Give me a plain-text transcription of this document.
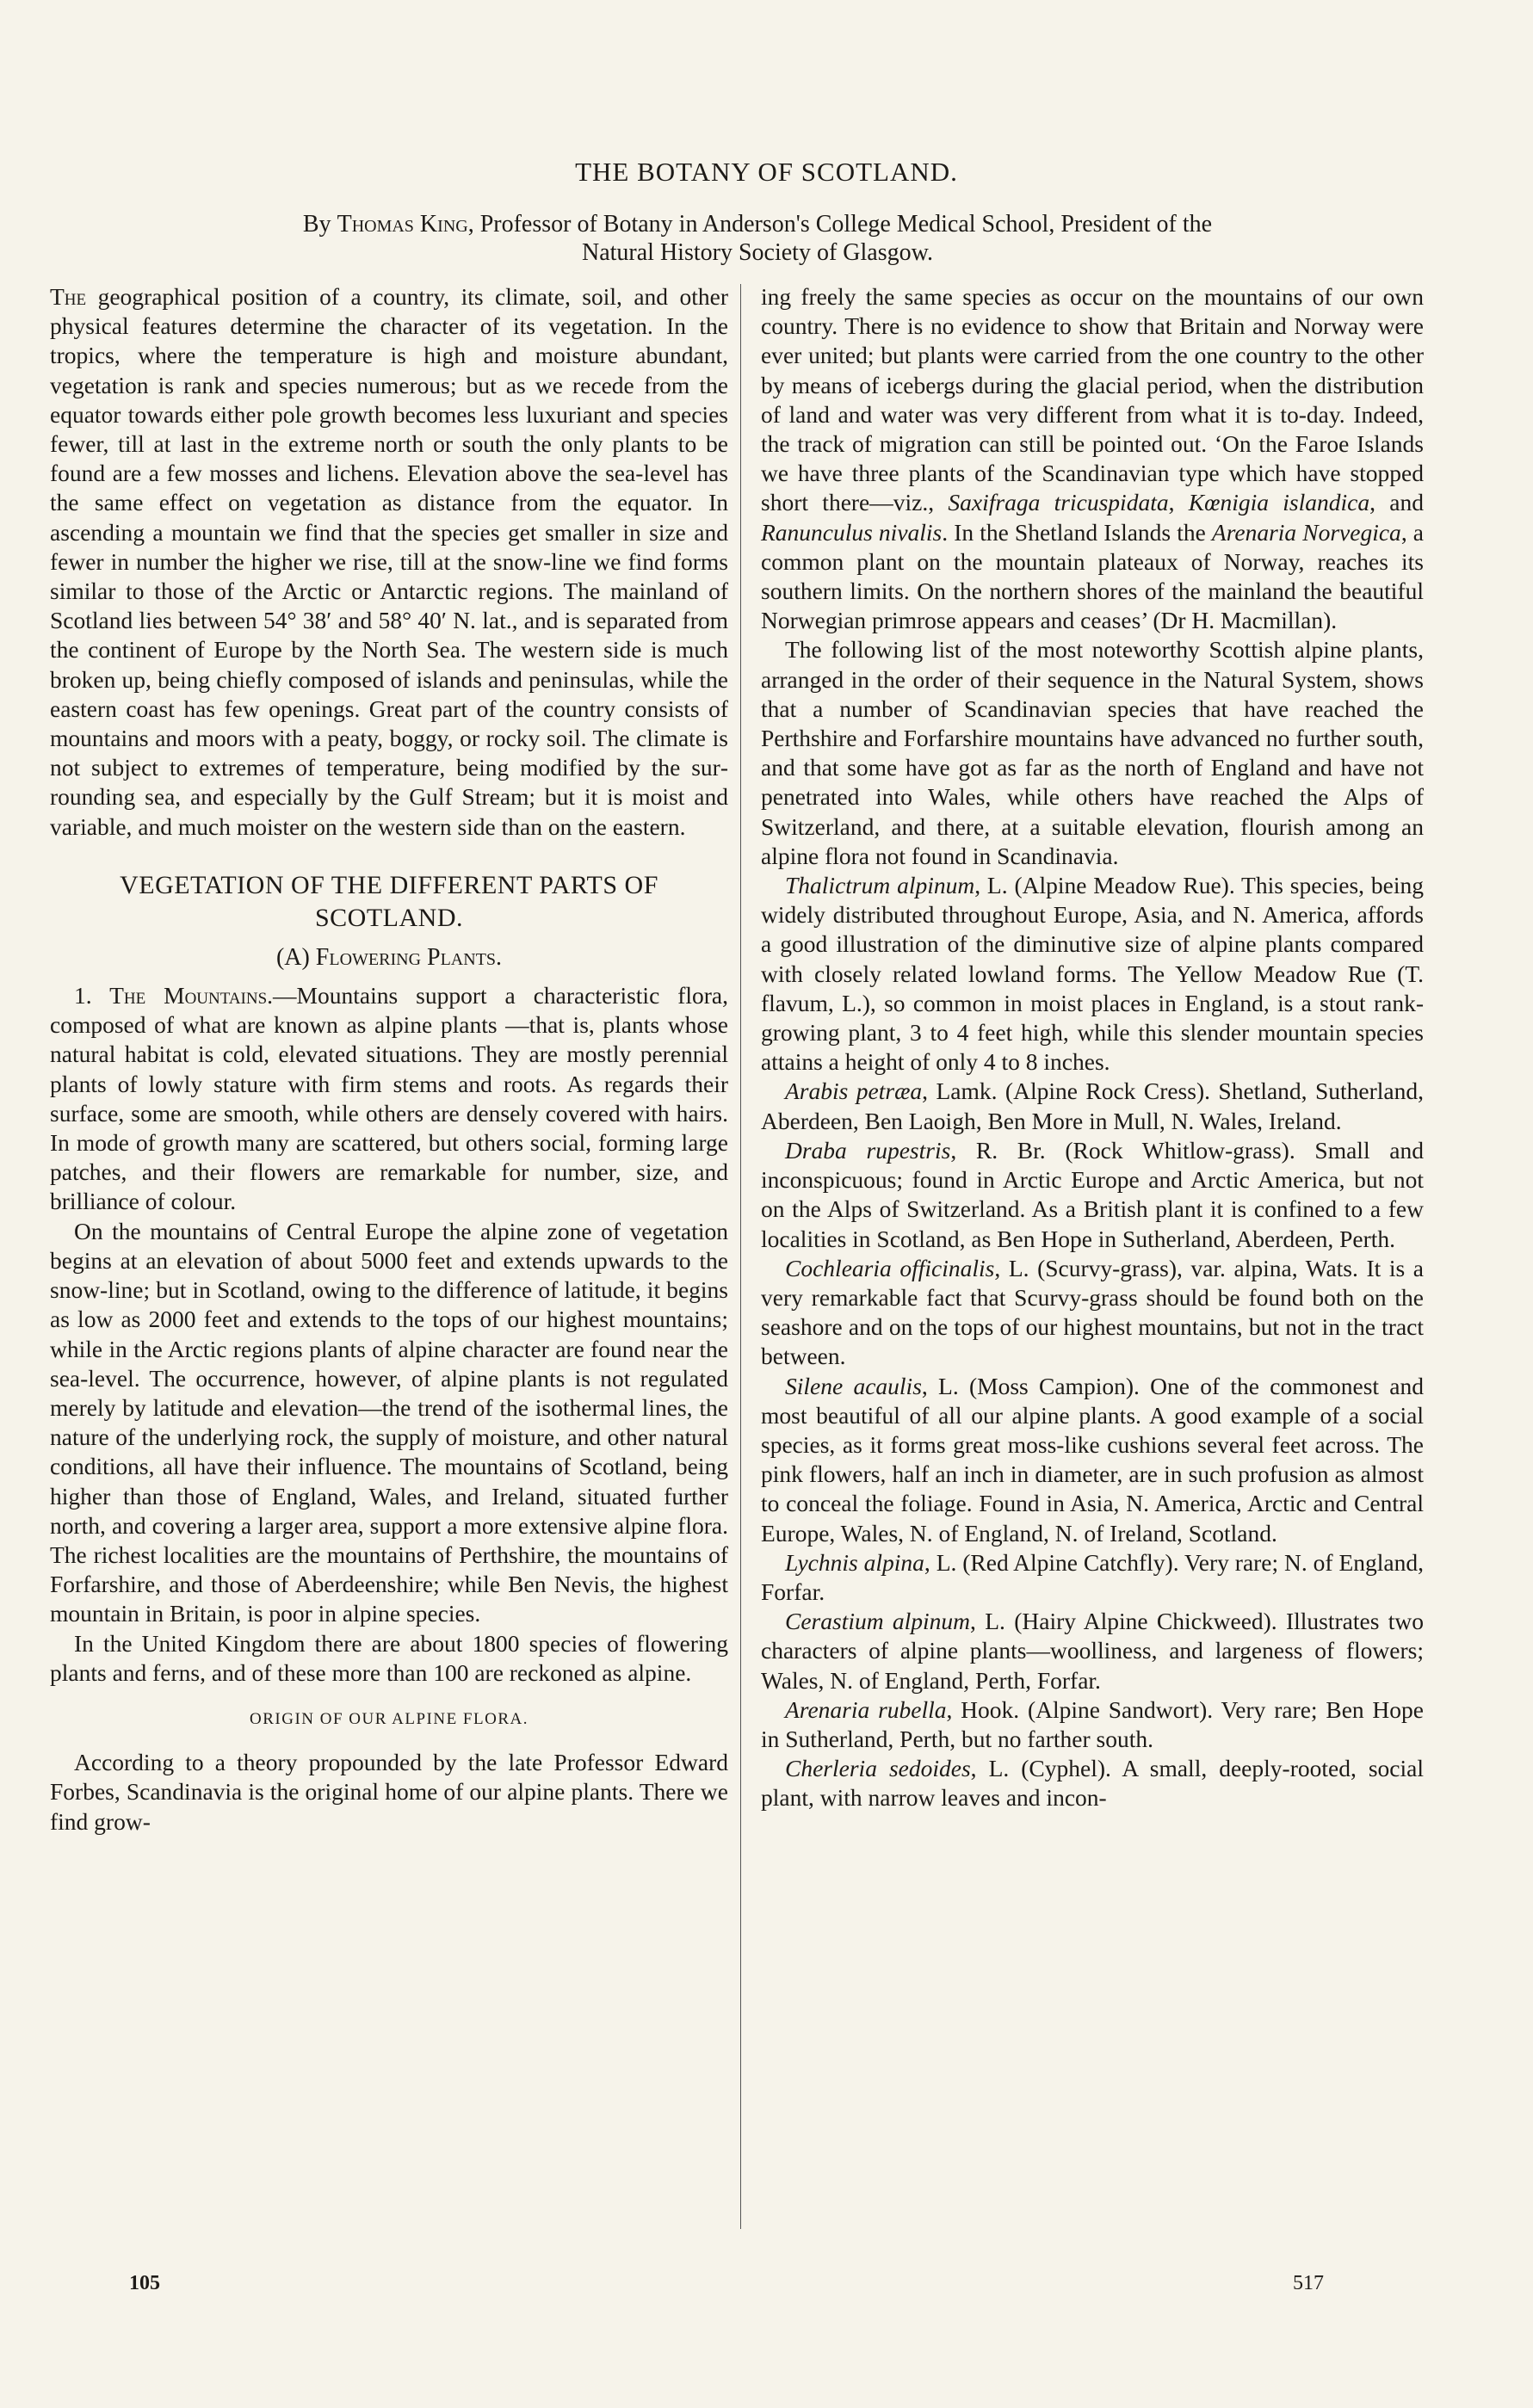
THE BOTANY OF SCOTLAND.
By Thomas King, Professor of Botany in Anderson's College Medical School, President of the
Natural History Society of Glasgow.

The geographical position of a country, its climate, soil, and other physical features determine the character of its vegetation. In the tropics, where the temperature is high and moisture abundant, vegetation is rank and species numerous; but as we recede from the equator towards either pole growth becomes less luxuriant and species fewer, till at last in the extreme north or south the only plants to be found are a few mosses and lichens. Elevation above the sea-level has the same effect on vegetation as distance from the equator. In ascending a mountain we find that the species get smaller in size and fewer in number the higher we rise, till at the snow-line we find forms similar to those of the Arctic or Antarctic regions. The mainland of Scotland lies between 54° 38′ and 58° 40′ N. lat., and is separated from the continent of Europe by the North Sea. The western side is much broken up, being chiefly composed of islands and peninsulas, while the eastern coast has few openings. Great part of the country consists of mountains and moors with a peaty, boggy, or rocky soil. The climate is not subject to extremes of temperature, being modified by the surrounding sea, and especially by the Gulf Stream; but it is moist and variable, and much moister on the western side than on the eastern.

VEGETATION OF THE DIFFERENT PARTS OF SCOTLAND.
(A) Flowering Plants.

1. The Mountains.—Mountains support a characteristic flora, composed of what are known as alpine plants —that is, plants whose natural habitat is cold, elevated situations. They are mostly perennial plants of lowly stature with firm stems and roots. As regards their surface, some are smooth, while others are densely covered with hairs. In mode of growth many are scattered, but others social, forming large patches, and their flowers are remarkable for number, size, and brilliance of colour.

On the mountains of Central Europe the alpine zone of vegetation begins at an elevation of about 5000 feet and extends upwards to the snow-line; but in Scotland, owing to the difference of latitude, it begins as low as 2000 feet and extends to the tops of our highest mountains; while in the Arctic regions plants of alpine character are found near the sea-level. The occurrence, however, of alpine plants is not regulated merely by latitude and elevation—the trend of the isothermal lines, the nature of the underlying rock, the supply of moisture, and other natural conditions, all have their influence. The mountains of Scotland, being higher than those of England, Wales, and Ireland, situated further north, and covering a larger area, support a more extensive alpine flora. The richest localities are the mountains of Perthshire, the mountains of Forfarshire, and those of Aberdeenshire; while Ben Nevis, the highest mountain in Britain, is poor in alpine species.

In the United Kingdom there are about 1800 species of flowering plants and ferns, and of these more than 100 are reckoned as alpine.

ORIGIN OF OUR ALPINE FLORA.

According to a theory propounded by the late Professor Edward Forbes, Scandinavia is the original home of our alpine plants. There we find grow-

ing freely the same species as occur on the mountains of our own country. There is no evidence to show that Britain and Norway were ever united; but plants were carried from the one country to the other by means of icebergs during the glacial period, when the distribution of land and water was very different from what it is to-day. Indeed, the track of migration can still be pointed out. ‘On the Faroe Islands we have three plants of the Scandinavian type which have stopped short there—viz., Saxifraga tricuspidata, Kœnigia islandica, and Ranunculus nivalis. In the Shetland Islands the Arenaria Norvegica, a common plant on the mountain plateaux of Norway, reaches its southern limits. On the northern shores of the mainland the beautiful Norwegian primrose appears and ceases’ (Dr H. Macmillan).

The following list of the most noteworthy Scottish alpine plants, arranged in the order of their sequence in the Natural System, shows that a number of Scandinavian species that have reached the Perthshire and Forfarshire mountains have advanced no further south, and that some have got as far as the north of England and have not penetrated into Wales, while others have reached the Alps of Switzerland, and there, at a suitable elevation, flourish among an alpine flora not found in Scandinavia.

Thalictrum alpinum, L. (Alpine Meadow Rue). This species, being widely distributed throughout Europe, Asia, and N. America, affords a good illustration of the diminutive size of alpine plants compared with closely related lowland forms. The Yellow Meadow Rue (T. flavum, L.), so common in moist places in England, is a stout rank-growing plant, 3 to 4 feet high, while this slender mountain species attains a height of only 4 to 8 inches.

Arabis petræa, Lamk. (Alpine Rock Cress). Shetland, Sutherland, Aberdeen, Ben Laoigh, Ben More in Mull, N. Wales, Ireland.

Draba rupestris, R. Br. (Rock Whitlow-grass). Small and inconspicuous; found in Arctic Europe and Arctic America, but not on the Alps of Switzerland. As a British plant it is confined to a few localities in Scotland, as Ben Hope in Sutherland, Aberdeen, Perth.

Cochlearia officinalis, L. (Scurvy-grass), var. alpina, Wats. It is a very remarkable fact that Scurvy-grass should be found both on the seashore and on the tops of our highest mountains, but not in the tract between.

Silene acaulis, L. (Moss Campion). One of the commonest and most beautiful of all our alpine plants. A good example of a social species, as it forms great moss-like cushions several feet across. The pink flowers, half an inch in diameter, are in such profusion as almost to conceal the foliage. Found in Asia, N. America, Arctic and Central Europe, Wales, N. of England, N. of Ireland, Scotland.

Lychnis alpina, L. (Red Alpine Catchfly). Very rare; N. of England, Forfar.

Cerastium alpinum, L. (Hairy Alpine Chickweed). Illustrates two characters of alpine plants—woolliness, and largeness of flowers; Wales, N. of England, Perth, Forfar.

Arenaria rubella, Hook. (Alpine Sandwort). Very rare; Ben Hope in Sutherland, Perth, but no farther south.

Cherleria sedoides, L. (Cyphel). A small, deeply-rooted, social plant, with narrow leaves and incon-

105	517
